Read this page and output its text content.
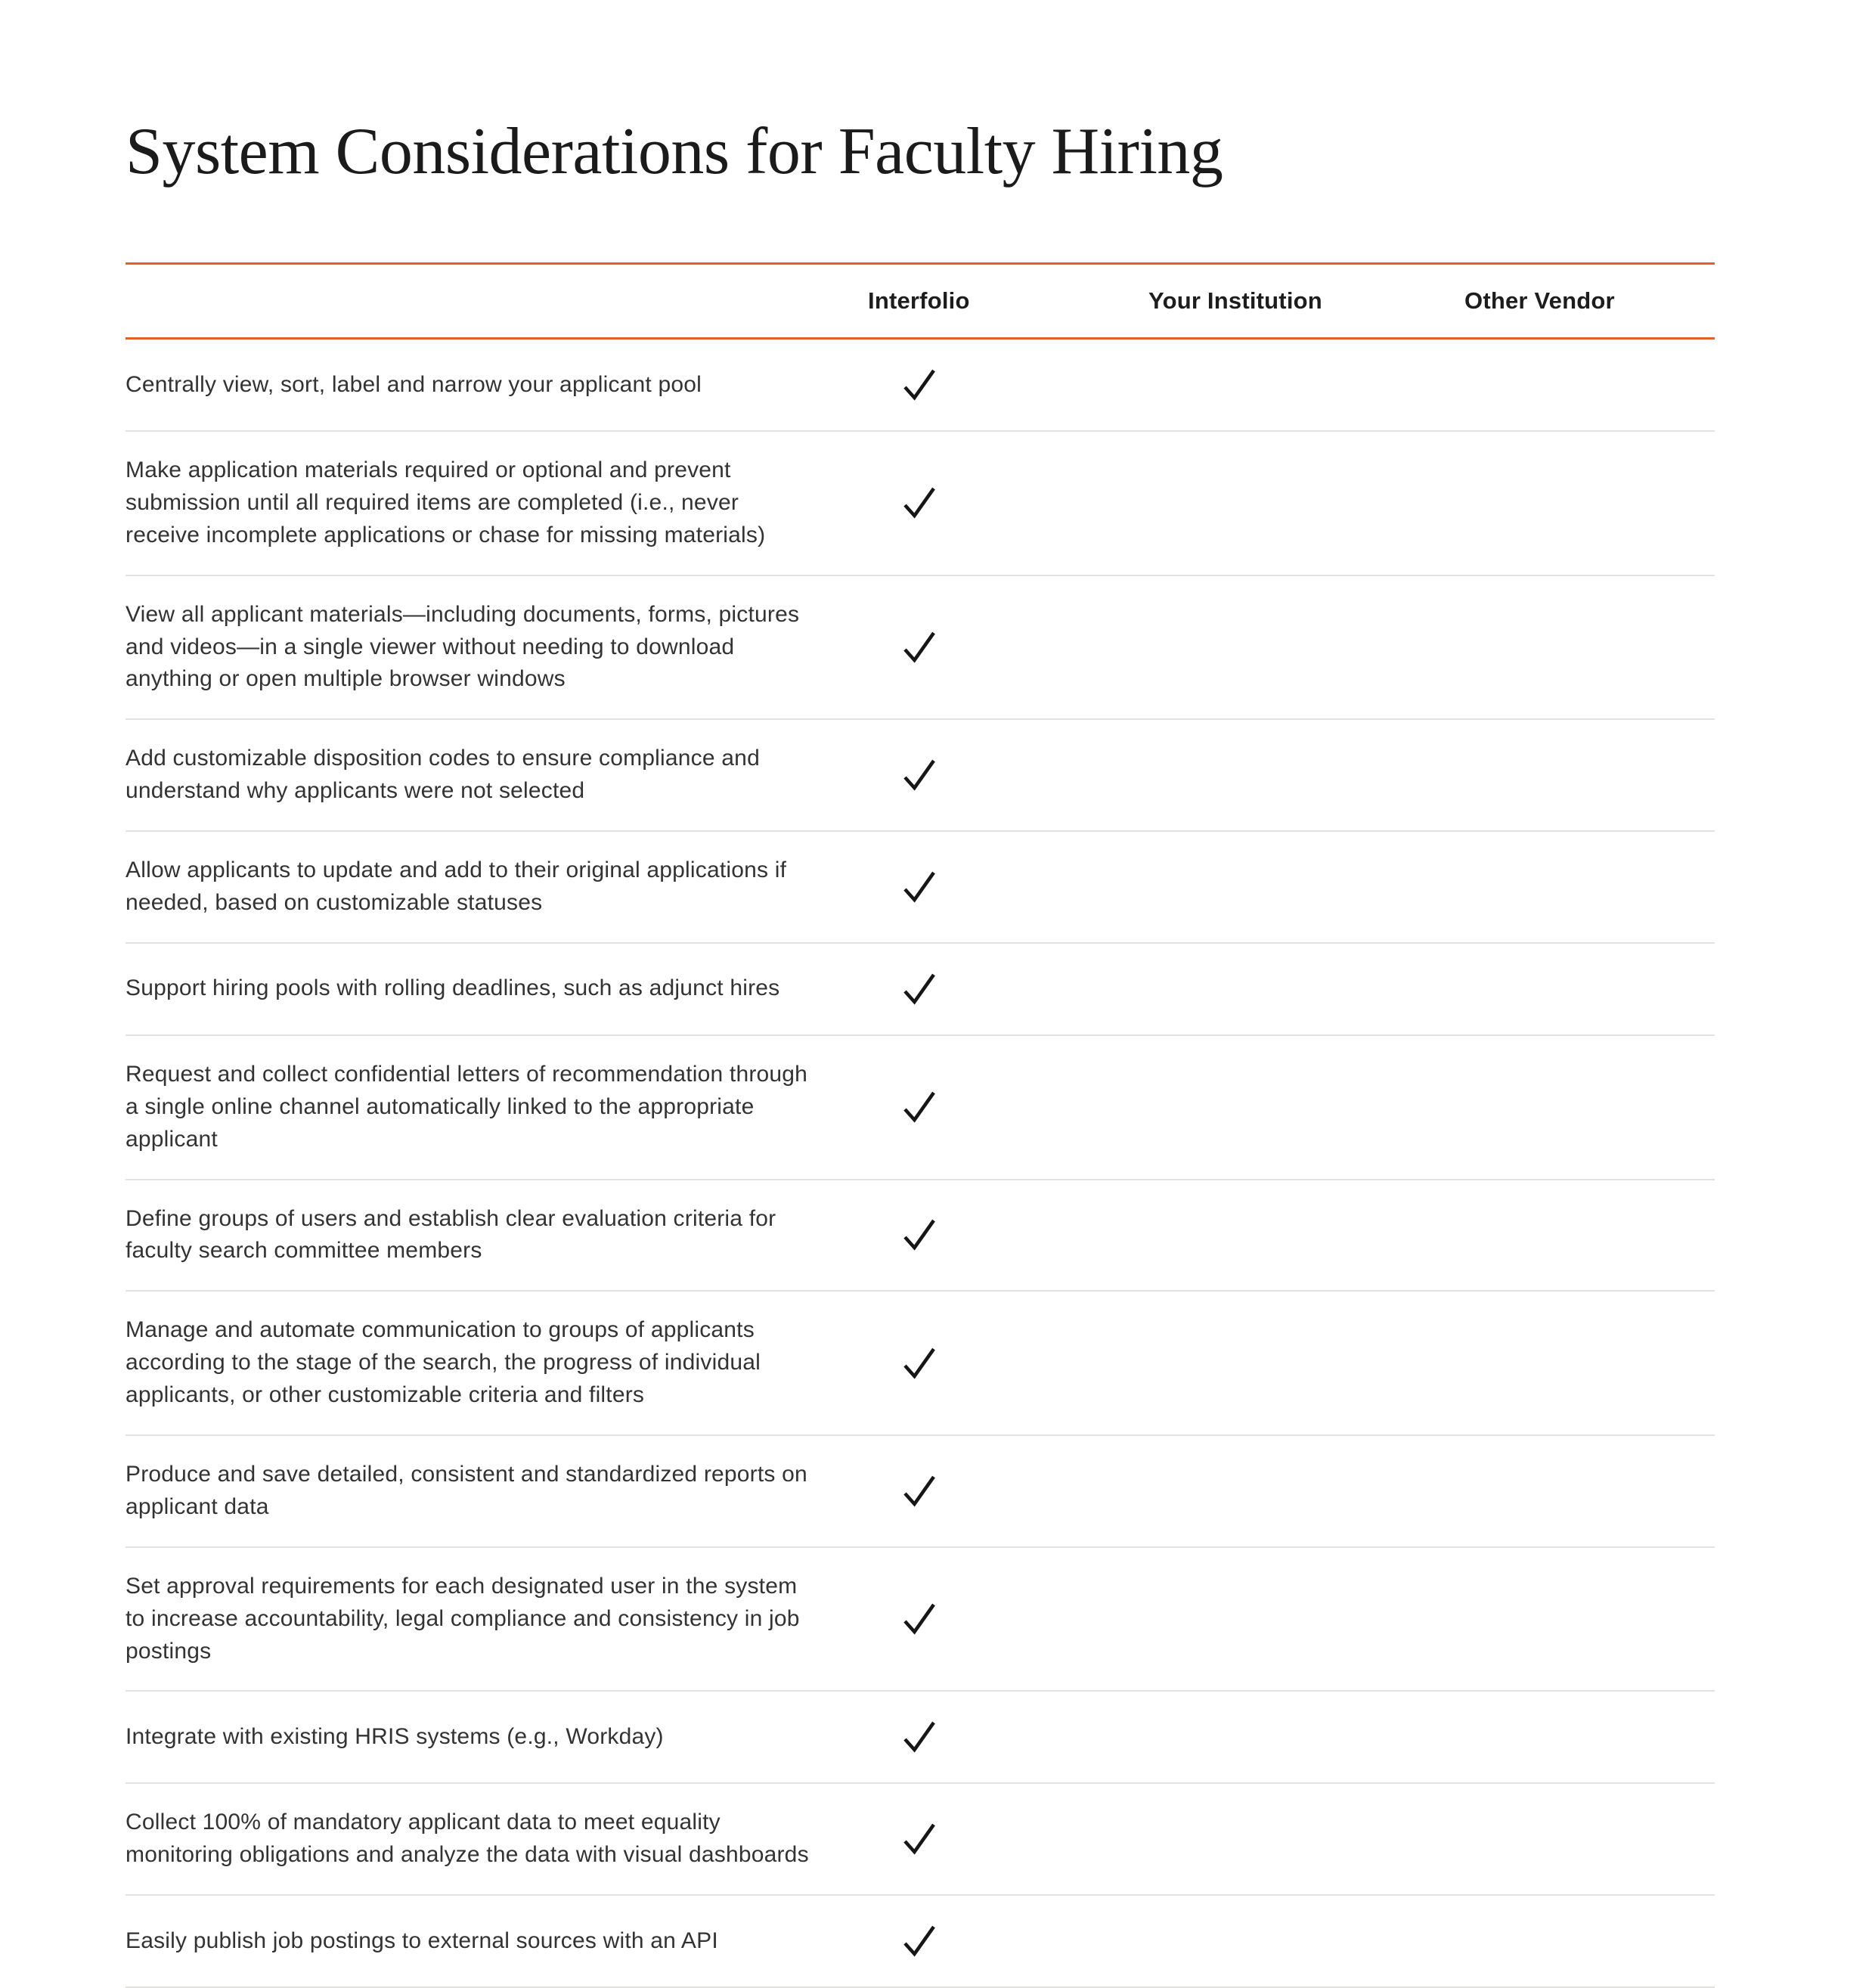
System Considerations for Faculty Hiring
Interfolio	Your Institution	Other Vendor
Centrally view, sort, label and narrow your applicant pool
Make application materials required or optional and prevent submission until all required items are completed (i.e., never receive incomplete applications or chase for missing materials)
View all applicant materials—including documents, forms, pictures and videos—in a single viewer without needing to download anything or open multiple browser windows
Add customizable disposition codes to ensure compliance and understand why applicants were not selected
Allow applicants to update and add to their original applications if needed, based on customizable statuses
Support hiring pools with rolling deadlines, such as adjunct hires
Request and collect confidential letters of recommendation through a single online channel automatically linked to the appropriate applicant
Define groups of users and establish clear evaluation criteria for faculty search committee members
Manage and automate communication to groups of applicants according to the stage of the search, the progress of individual applicants, or other customizable criteria and filters
Produce and save detailed, consistent and standardized reports on applicant data
Set approval requirements for each designated user in the system to increase accountability, legal compliance and consistency in job postings
Integrate with existing HRIS systems (e.g., Workday)
Collect 100% of mandatory applicant data to meet equality monitoring obligations and analyze the data with visual dashboards
Easily publish job postings to external sources with an API
